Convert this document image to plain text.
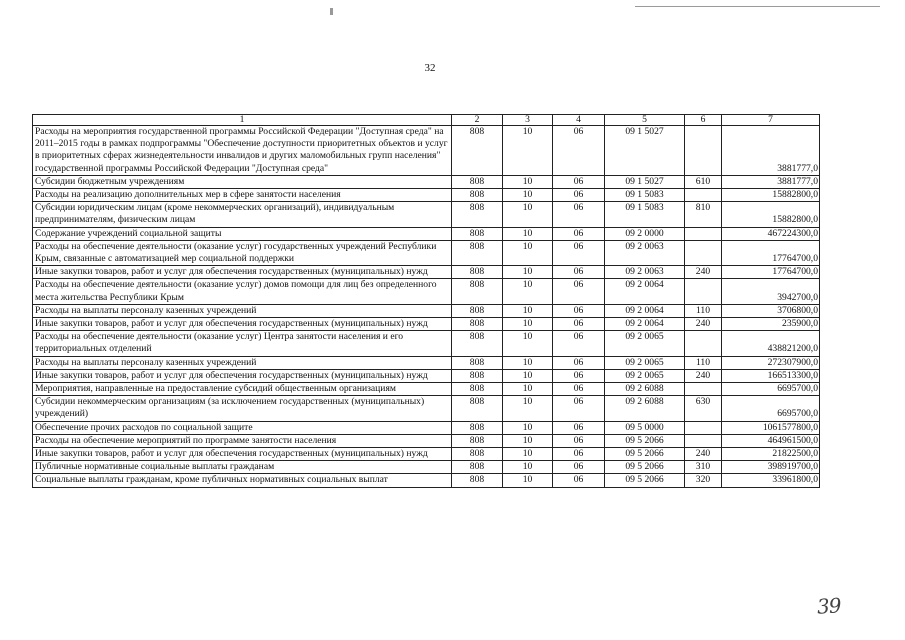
32
1	2	3	4	5	6	7
Расходы на мероприятия государственной программы Российской Федерации "Доступная среда" на 2011–2015 годы в рамках подпрограммы "Обеспечение доступности приоритетных объектов и услуг в приоритетных сферах жизнедеятельности инвалидов и других маломобильных групп населения" государственной программы Российской Федерации "Доступная среда"	808	10	06	09 1 5027		3881777,0
Субсидии бюджетным учреждениям	808	10	06	09 1 5027	610	3881777,0
Расходы на реализацию дополнительных мер в сфере занятости населения	808	10	06	09 1 5083		15882800,0
Субсидии юридическим лицам (кроме некоммерческих организаций), индивидуальным предпринимателям, физическим лицам	808	10	06	09 1 5083	810	15882800,0
Содержание учреждений социальной защиты	808	10	06	09 2 0000		467224300,0
Расходы на обеспечение деятельности (оказание услуг) государственных учреждений Республики Крым, связанные с автоматизацией мер социальной поддержки	808	10	06	09 2 0063		17764700,0
Иные закупки товаров, работ и услуг для обеспечения государственных (муниципальных) нужд	808	10	06	09 2 0063	240	17764700,0
Расходы на обеспечение деятельности (оказание услуг) домов помощи для лиц без определенного места жительства Республики Крым	808	10	06	09 2 0064		3942700,0
Расходы на выплаты персоналу казенных учреждений	808	10	06	09 2 0064	110	3706800,0
Иные закупки товаров, работ и услуг для обеспечения государственных (муниципальных) нужд	808	10	06	09 2 0064	240	235900,0
Расходы на обеспечение деятельности (оказание услуг) Центра занятости населения и его территориальных отделений	808	10	06	09 2 0065		438821200,0
Расходы на выплаты персоналу казенных учреждений	808	10	06	09 2 0065	110	272307900,0
Иные закупки товаров, работ и услуг для обеспечения государственных (муниципальных) нужд	808	10	06	09 2 0065	240	166513300,0
Мероприятия, направленные на предоставление субсидий общественным организациям	808	10	06	09 2 6088		6695700,0
Субсидии некоммерческим организациям (за исключением государственных (муниципальных) учреждений)	808	10	06	09 2 6088	630	6695700,0
Обеспечение прочих расходов по социальной защите	808	10	06	09 5 0000		1061577800,0
Расходы на обеспечение мероприятий по программе занятости населения	808	10	06	09 5 2066		464961500,0
Иные закупки товаров, работ и услуг для обеспечения государственных (муниципальных) нужд	808	10	06	09 5 2066	240	21822500,0
Публичные нормативные социальные выплаты гражданам	808	10	06	09 5 2066	310	398919700,0
Социальные выплаты гражданам, кроме публичных нормативных социальных выплат	808	10	06	09 5 2066	320	33961800,0
39
